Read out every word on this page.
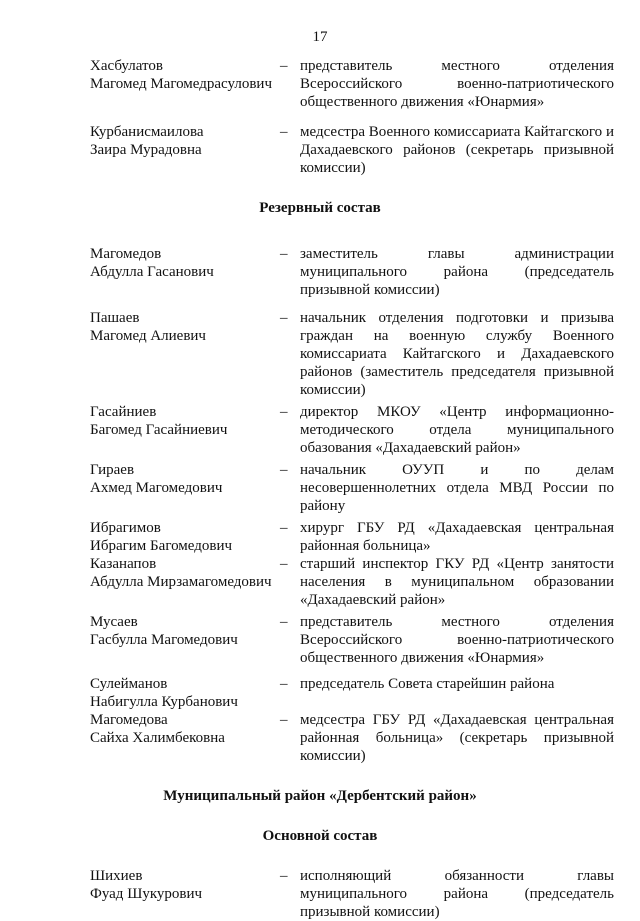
17
Хасбулатов
Магомед Магомедрасулович
– представитель местного отделения Всероссийского военно-патриотического общественного движения «Юнармия»
Курбанисмаилова
Заира Мурадовна
– медсестра Военного комиссариата Кайтагского и Дахадаевского районов (секретарь призывной комиссии)
Резервный состав
Магомедов
Абдулла Гасанович
– заместитель главы администрации муниципального района (председатель призывной комиссии)
Пашаев
Магомед Алиевич
– начальник отделения подготовки и призыва граждан на военную службу Военного комиссариата Кайтагского и Дахадаевского районов (заместитель председателя призывной комиссии)
Гасайниев
Багомед Гасайниевич
– директор МКОУ «Центр информационно-методического отдела муниципального обазования «Дахадаевский район»
Гираев
Ахмед Магомедович
– начальник ОУУП и по делам несовершеннолетних отдела МВД России по району
Ибрагимов
Ибрагим Багомедович
– хирург ГБУ РД «Дахадаевская центральная районная больница»
Казанапов
Абдулла Мирзамагомедович
– старший инспектор ГКУ РД «Центр занятости населения в муниципальном образовании «Дахадаевский район»
Мусаев
Гасбулла Магомедович
– представитель местного отделения Всероссийского военно-патриотического общественного движения «Юнармия»
Сулейманов
Набигулла Курбанович
– председатель Совета старейшин района
Магомедова
Сайха Халимбековна
– медсестра ГБУ РД «Дахадаевская центральная районная больница» (секретарь призывной комиссии)
Муниципальный район «Дербентский район»
Основной состав
Шихиев
Фуад Шукурович
– исполняющий обязанности главы муниципального района (председатель призывной комиссии)
